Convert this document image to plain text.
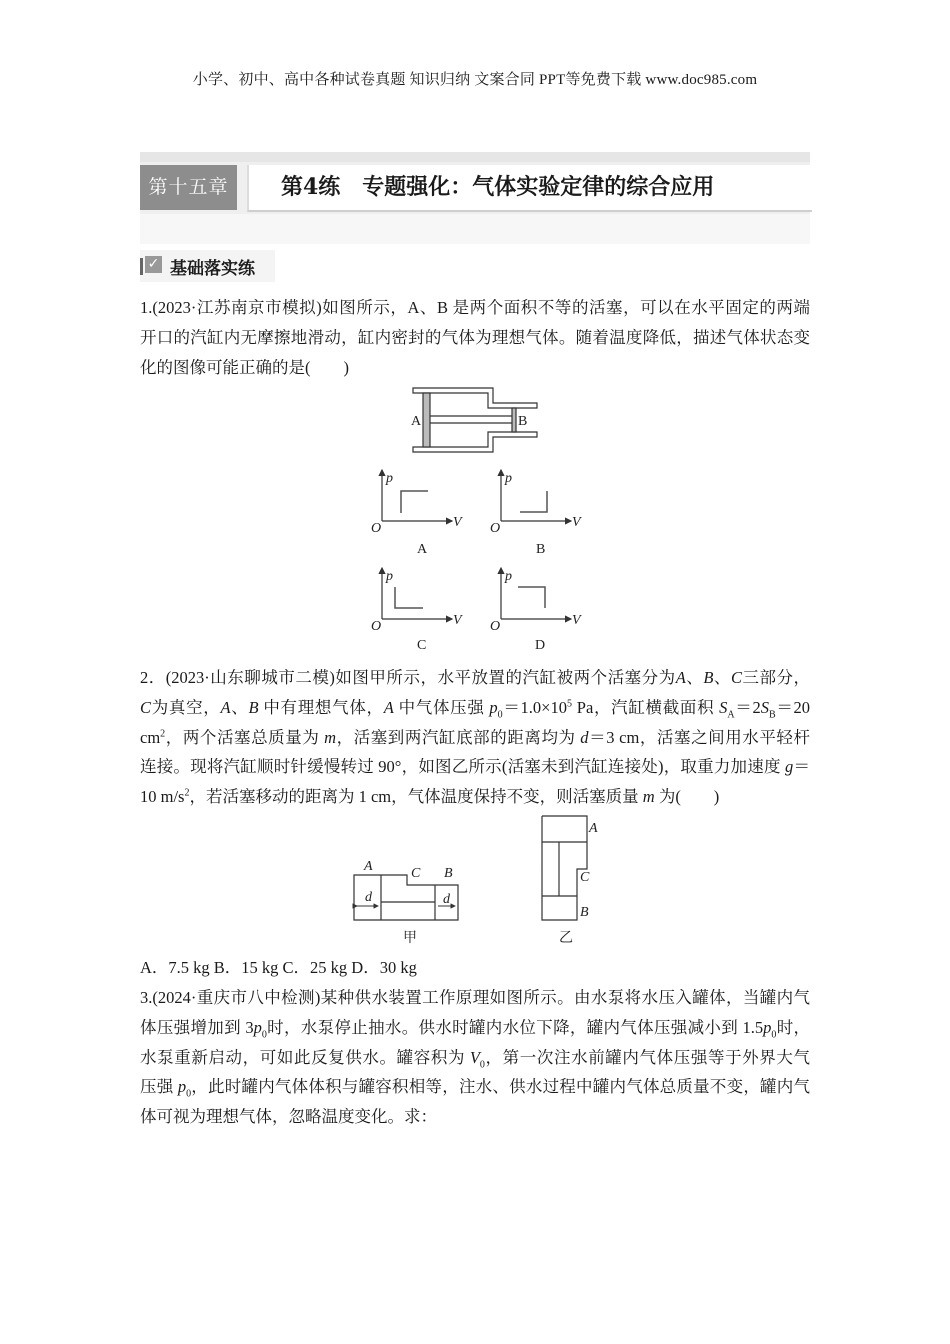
小学、初中、高中各种试卷真题 知识归纳 文案合同 PPT等免费下载 www.doc985.com
第十五章	第4练　专题强化：气体实验定律的综合应用
✓ 基础落实练
1.(2023·江苏南京市模拟)如图所示，A、B 是两个面积不等的活塞，可以在水平固定的两端
开口的汽缸内无摩擦地滑动，缸内密封的气体为理想气体。随着温度降低，描述气体状态变
化的图像可能正确的是(　　)
2．(2023·山东聊城市二模)如图甲所示，水平放置的汽缸被两个活塞分为A、B、C三部分，
C为真空，A、B 中有理想气体，A 中气体压强 $p_0=1.0\times 10^5$ Pa，汽缸横截面积 $S_A=2S_B=20$
$cm^2$，两个活塞总质量为 m，活塞到两汽缸底部的距离均为 d＝3 cm，活塞之间用水平轻杆
连接。现将汽缸顺时针缓慢转过 90°，如图乙所示(活塞未到汽缸连接处)，取重力加速度 g＝
10 $m/s^2$，若活塞移动的距离为 1 cm，气体温度保持不变，则活塞质量 m 为(　　)
A．7.5 kg B．15 kg C．25 kg D．30 kg
3.(2024·重庆市八中检测)某种供水装置工作原理如图所示。由水泵将水压入罐体，当罐内气
体压强增加到 $3p_0$时，水泵停止抽水。供水时罐内水位下降，罐内气体压强减小到 $1.5p_0$时，
水泵重新启动，可如此反复供水。罐容积为 $V_0$，第一次注水前罐内气体压强等于外界大气
压强 $p_0$，此时罐内气体体积与罐容积相等，注水、供水过程中罐内气体总质量不变，罐内气
体可视为理想气体，忽略温度变化。求：
A	B
p
V
O
A
p
V
O
B
p
V
O
C
p
V
O
D
A	C B
d	d
甲
A
C
B
乙
